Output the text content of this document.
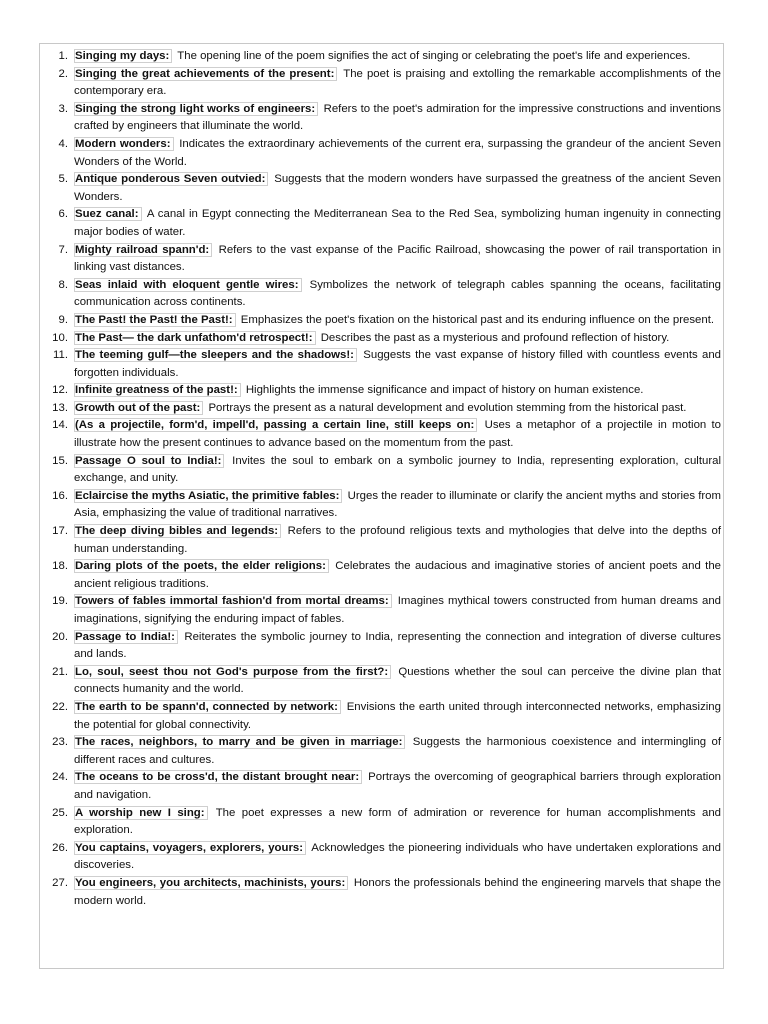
1. Singing my days: The opening line of the poem signifies the act of singing or celebrating the poet's life and experiences.
2. Singing the great achievements of the present: The poet is praising and extolling the remarkable accomplishments of the contemporary era.
3. Singing the strong light works of engineers: Refers to the poet's admiration for the impressive constructions and inventions crafted by engineers that illuminate the world.
4. Modern wonders: Indicates the extraordinary achievements of the current era, surpassing the grandeur of the ancient Seven Wonders of the World.
5. Antique ponderous Seven outvied: Suggests that the modern wonders have surpassed the greatness of the ancient Seven Wonders.
6. Suez canal: A canal in Egypt connecting the Mediterranean Sea to the Red Sea, symbolizing human ingenuity in connecting major bodies of water.
7. Mighty railroad spann'd: Refers to the vast expanse of the Pacific Railroad, showcasing the power of rail transportation in linking vast distances.
8. Seas inlaid with eloquent gentle wires: Symbolizes the network of telegraph cables spanning the oceans, facilitating communication across continents.
9. The Past! the Past! the Past!: Emphasizes the poet's fixation on the historical past and its enduring influence on the present.
10. The Past— the dark unfathom'd retrospect!: Describes the past as a mysterious and profound reflection of history.
11. The teeming gulf—the sleepers and the shadows!: Suggests the vast expanse of history filled with countless events and forgotten individuals.
12. Infinite greatness of the past!: Highlights the immense significance and impact of history on human existence.
13. Growth out of the past: Portrays the present as a natural development and evolution stemming from the historical past.
14. (As a projectile, form'd, impell'd, passing a certain line, still keeps on: Uses a metaphor of a projectile in motion to illustrate how the present continues to advance based on the momentum from the past.
15. Passage O soul to India!: Invites the soul to embark on a symbolic journey to India, representing exploration, cultural exchange, and unity.
16. Eclaircise the myths Asiatic, the primitive fables: Urges the reader to illuminate or clarify the ancient myths and stories from Asia, emphasizing the value of traditional narratives.
17. The deep diving bibles and legends: Refers to the profound religious texts and mythologies that delve into the depths of human understanding.
18. Daring plots of the poets, the elder religions: Celebrates the audacious and imaginative stories of ancient poets and the ancient religious traditions.
19. Towers of fables immortal fashion'd from mortal dreams: Imagines mythical towers constructed from human dreams and imaginations, signifying the enduring impact of fables.
20. Passage to India!: Reiterates the symbolic journey to India, representing the connection and integration of diverse cultures and lands.
21. Lo, soul, seest thou not God's purpose from the first?: Questions whether the soul can perceive the divine plan that connects humanity and the world.
22. The earth to be spann'd, connected by network: Envisions the earth united through interconnected networks, emphasizing the potential for global connectivity.
23. The races, neighbors, to marry and be given in marriage: Suggests the harmonious coexistence and intermingling of different races and cultures.
24. The oceans to be cross'd, the distant brought near: Portrays the overcoming of geographical barriers through exploration and navigation.
25. A worship new I sing: The poet expresses a new form of admiration or reverence for human accomplishments and exploration.
26. You captains, voyagers, explorers, yours: Acknowledges the pioneering individuals who have undertaken explorations and discoveries.
27. You engineers, you architects, machinists, yours: Honors the professionals behind the engineering marvels that shape the modern world.
